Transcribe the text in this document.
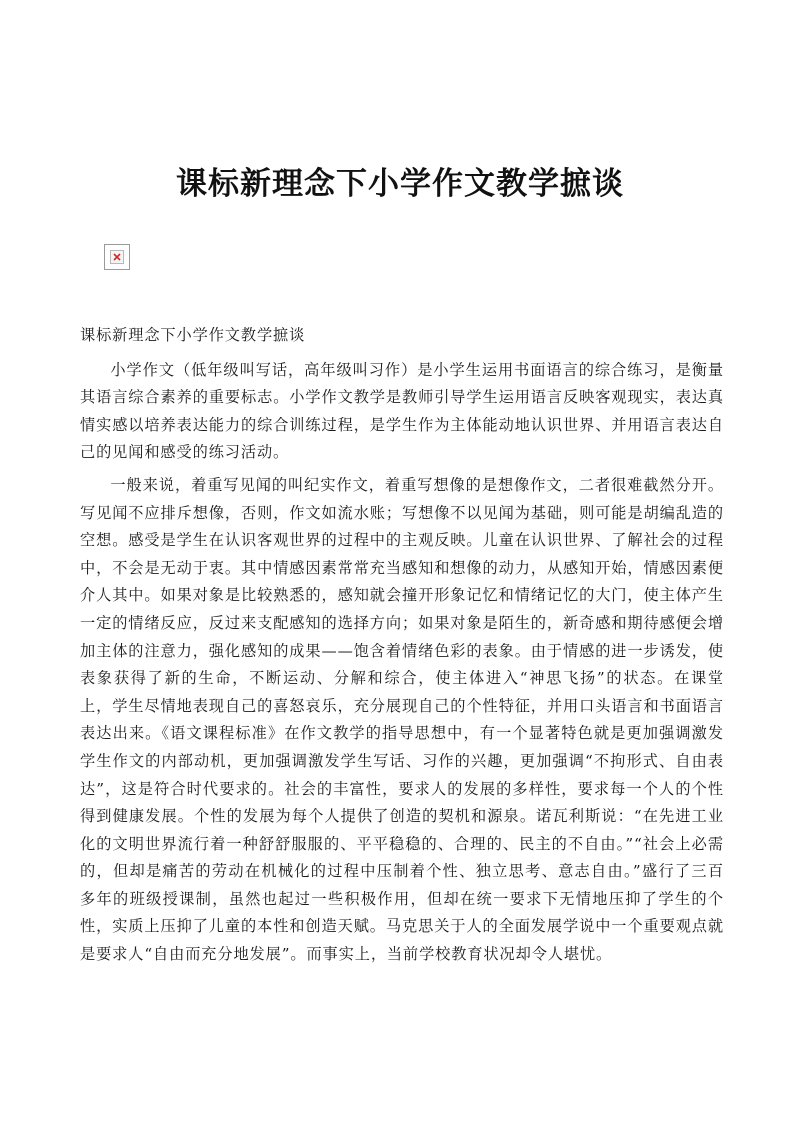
课标新理念下小学作文教学摭谈

课标新理念下小学作文教学摭谈

小学作文（低年级叫写话，高年级叫习作）是小学生运用书面语言的综合练习，是衡量其语言综合素养的重要标志。小学作文教学是教师引导学生运用语言反映客观现实，表达真情实感以培养表达能力的综合训练过程，是学生作为主体能动地认识世界、并用语言表达自己的见闻和感受的练习活动。

一般来说，着重写见闻的叫纪实作文，着重写想像的是想像作文，二者很难截然分开。写见闻不应排斥想像，否则，作文如流水账；写想像不以见闻为基础，则可能是胡编乱造的空想。感受是学生在认识客观世界的过程中的主观反映。儿童在认识世界、了解社会的过程中，不会是无动于衷。其中情感因素常常充当感知和想像的动力，从感知开始，情感因素便介人其中。如果对象是比较熟悉的，感知就会撞开形象记忆和情绪记忆的大门，使主体产生一定的情绪反应，反过来支配感知的选择方向；如果对象是陌生的，新奇感和期待感便会增加主体的注意力，强化感知的成果——饱含着情绪色彩的表象。由于情感的进一步诱发，使表象获得了新的生命，不断运动、分解和综合，使主体进入“神思飞扬”的状态。在课堂上，学生尽情地表现自己的喜怒哀乐，充分展现自己的个性特征，并用口头语言和书面语言表达出来。《语文课程标准》在作文教学的指导思想中，有一个显著特色就是更加强调激发学生作文的内部动机，更加强调激发学生写话、习作的兴趣，更加强调“不拘形式、自由表达”，这是符合时代要求的。社会的丰富性，要求人的发展的多样性，要求每一个人的个性得到健康发展。个性的发展为每个人提供了创造的契机和源泉。诺瓦利斯说：“在先进工业化的文明世界流行着一种舒舒服服的、平平稳稳的、合理的、民主的不自由。”“社会上必需的，但却是痛苦的劳动在机械化的过程中压制着个性、独立思考、意志自由。”盛行了三百多年的班级授课制，虽然也起过一些积极作用，但却在统一要求下无情地压抑了学生的个性，实质上压抑了儿童的本性和创造天赋。马克思关于人的全面发展学说中一个重要观点就是要求人“自由而充分地发展”。而事实上，当前学校教育状况却令人堪忧。
